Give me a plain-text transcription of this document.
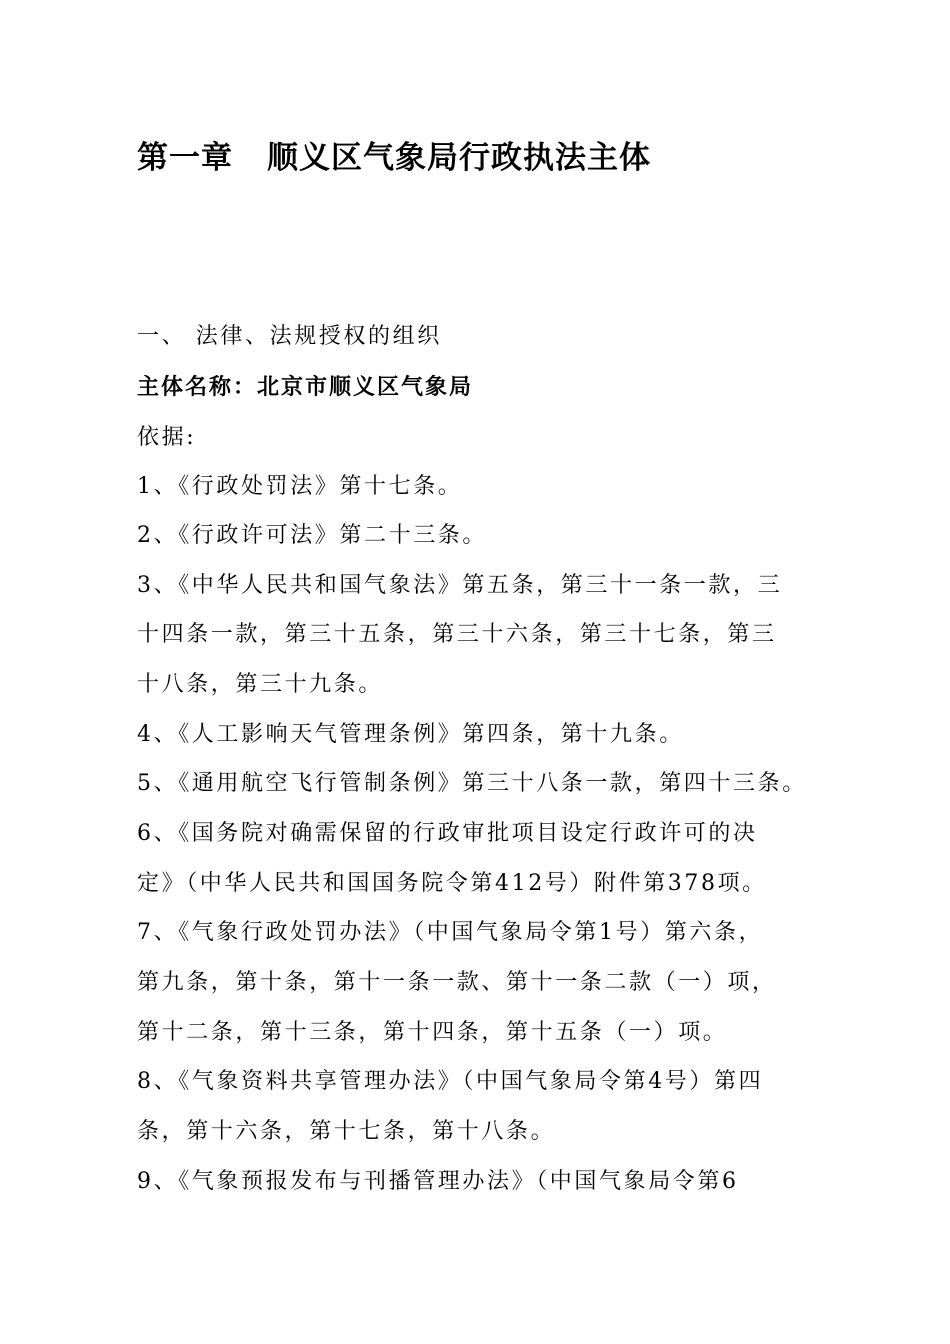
第一章 顺义区气象局行政执法主体
一、 法律、法规授权的组织
主体名称：北京市顺义区气象局
依据:
1、《行政处罚法》第十七条。
2、《行政许可法》第二十三条。
3、《中华人民共和国气象法》第五条，第三十一条一款，三
十四条一款，第三十五条，第三十六条，第三十七条，第三
十八条，第三十九条。
4、《人工影响天气管理条例》第四条，第十九条。
5、《通用航空飞行管制条例》第三十八条一款，第四十三条。
6、《国务院对确需保留的行政审批项目设定行政许可的决
定》（中华人民共和国国务院令第412号）附件第378项。
7、《气象行政处罚办法》（中国气象局令第1号）第六条，
第九条，第十条，第十一条一款、第十一条二款（一）项，
第十二条，第十三条，第十四条，第十五条（一）项。
8、《气象资料共享管理办法》（中国气象局令第4号）第四
条，第十六条，第十七条，第十八条。
9、《气象预报发布与刊播管理办法》（中国气象局令第6
